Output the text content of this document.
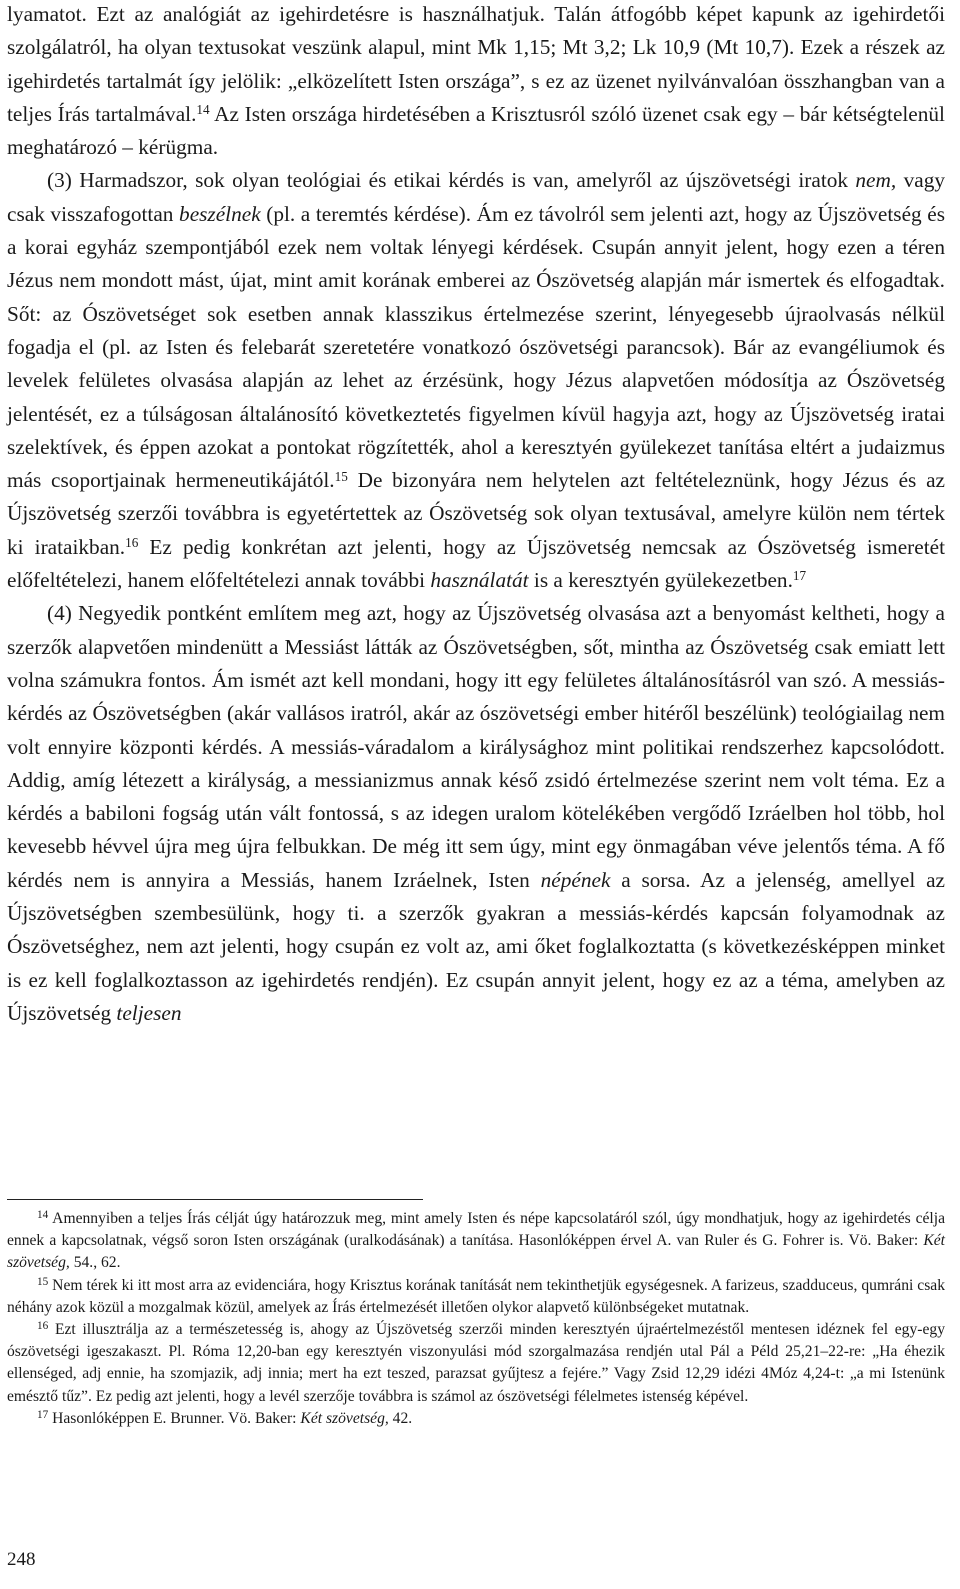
lyamatot. Ezt az analógiát az igehirdetésre is használhatjuk. Talán átfogóbb képet kapunk az igehirdetői szolgálatról, ha olyan textusokat veszünk alapul, mint Mk 1,15; Mt 3,2; Lk 10,9 (Mt 10,7). Ezek a részek az igehirdetés tartalmát így jelölik: „elközelített Isten országa”, s ez az üzenet nyilvánvalóan összhangban van a teljes Írás tartalmával.$^{14}$ Az Isten országa hirdetésében a Krisztusról szóló üzenet csak egy – bár kétségtelenül meghatározó – kérügma.

(3) Harmadszor, sok olyan teológiai és etikai kérdés is van, amelyről az újszövetségi iratok nem, vagy csak visszafogottan beszélnek (pl. a teremtés kérdése). Ám ez távolról sem jelenti azt, hogy az Újszövetség és a korai egyház szempontjából ezek nem voltak lényegi kérdések. Csupán annyit jelent, hogy ezen a téren Jézus nem mondott mást, újat, mint amit korának emberei az Ószövetség alapján már ismertek és elfogadtak. Sőt: az Ószövetséget sok esetben annak klasszikus értelmezése szerint, lényegesebb újraolvasás nélkül fogadja el (pl. az Isten és felebarát szeretetére vonatkozó ószövetségi parancsok). Bár az evangéliumok és levelek felületes olvasása alapján az lehet az érzésünk, hogy Jézus alapvetően módosítja az Ószövetség jelentését, ez a túlságosan általánosító következtetés figyelmen kívül hagyja azt, hogy az Újszövetség iratai szelektívek, és éppen azokat a pontokat rögzítették, ahol a keresztyén gyülekezet tanítása eltért a judaizmus más csoportjainak hermeneutikájától.$^{15}$ De bizonyára nem helytelen azt feltételeznünk, hogy Jézus és az Újszövetség szerzői továbbra is egyetértettek az Ószövetség sok olyan textusával, amelyre külön nem tértek ki irataikban.$^{16}$ Ez pedig konkrétan azt jelenti, hogy az Újszövetség nemcsak az Ószövetség ismeretét előfeltételezi, hanem előfeltételezi annak további használatát is a keresztyén gyülekezetben.$^{17}$

(4) Negyedik pontként említem meg azt, hogy az Újszövetség olvasása azt a benyomást keltheti, hogy a szerzők alapvetően mindenütt a Messiást látták az Ószövetségben, sőt, mintha az Ószövetség csak emiatt lett volna számukra fontos. Ám ismét azt kell mondani, hogy itt egy felületes általánosításról van szó. A messiás-kérdés az Ószövetségben (akár vallásos iratról, akár az ószövetségi ember hitéről beszélünk) teológiailag nem volt ennyire központi kérdés. A messiás-váradalom a királysághoz mint politikai rendszerhez kapcsolódott. Addig, amíg létezett a királyság, a messianizmus annak késő zsidó értelmezése szerint nem volt téma. Ez a kérdés a babiloni fogság után vált fontossá, s az idegen uralom kötelékében vergődő Izráelben hol több, hol kevesebb hévvel újra meg újra felbukkan. De még itt sem úgy, mint egy önmagában véve jelentős téma. A fő kérdés nem is annyira a Messiás, hanem Izráelnek, Isten népének a sorsa. Az a jelenség, amellyel az Újszövetségben szembesülünk, hogy ti. a szerzők gyakran a messiás-kérdés kapcsán folyamodnak az Ószövetséghez, nem azt jelenti, hogy csupán ez volt az, ami őket foglalkoztatta (s következésképpen minket is ez kell foglalkoztasson az igehirdetés rendjén). Ez csupán annyit jelent, hogy ez az a téma, amelyben az Újszövetség teljesen

$^{14}$ Amennyiben a teljes Írás célját úgy határozzuk meg, mint amely Isten és népe kapcsolatáról szól, úgy mondhatjuk, hogy az igehirdetés célja ennek a kapcsolatnak, végső soron Isten országának (uralkodásának) a tanítása. Hasonlóképpen érvel A. van Ruler és G. Fohrer is. Vö. Baker: Két szövetség, 54., 62.

$^{15}$ Nem térek ki itt most arra az evidenciára, hogy Krisztus korának tanítását nem tekinthetjük egységesnek. A farizeus, szadduceus, qumráni csak néhány azok közül a mozgalmak közül, amelyek az Írás értelmezését illetően olykor alapvető különbségeket mutatnak.

$^{16}$ Ezt illusztrálja az a természetesség is, ahogy az Újszövetség szerzői minden keresztyén újraértelmezéstől mentesen idéznek fel egy-egy ószövetségi igeszakaszt. Pl. Róma 12,20-ban egy keresztyén viszonyulási mód szorgalmazása rendjén utal Pál a Péld 25,21–22-re: „Ha éhezik ellenséged, adj ennie, ha szomjazik, adj innia; mert ha ezt teszed, parazsat gyűjtesz a fejére.” Vagy Zsid 12,29 idézi 4Móz 4,24-t: „a mi Istenünk emésztő tűz”. Ez pedig azt jelenti, hogy a levél szerzője továbbra is számol az ószövetségi félelmetes istenség képével.

$^{17}$ Hasonlóképpen E. Brunner. Vö. Baker: Két szövetség, 42.

248
